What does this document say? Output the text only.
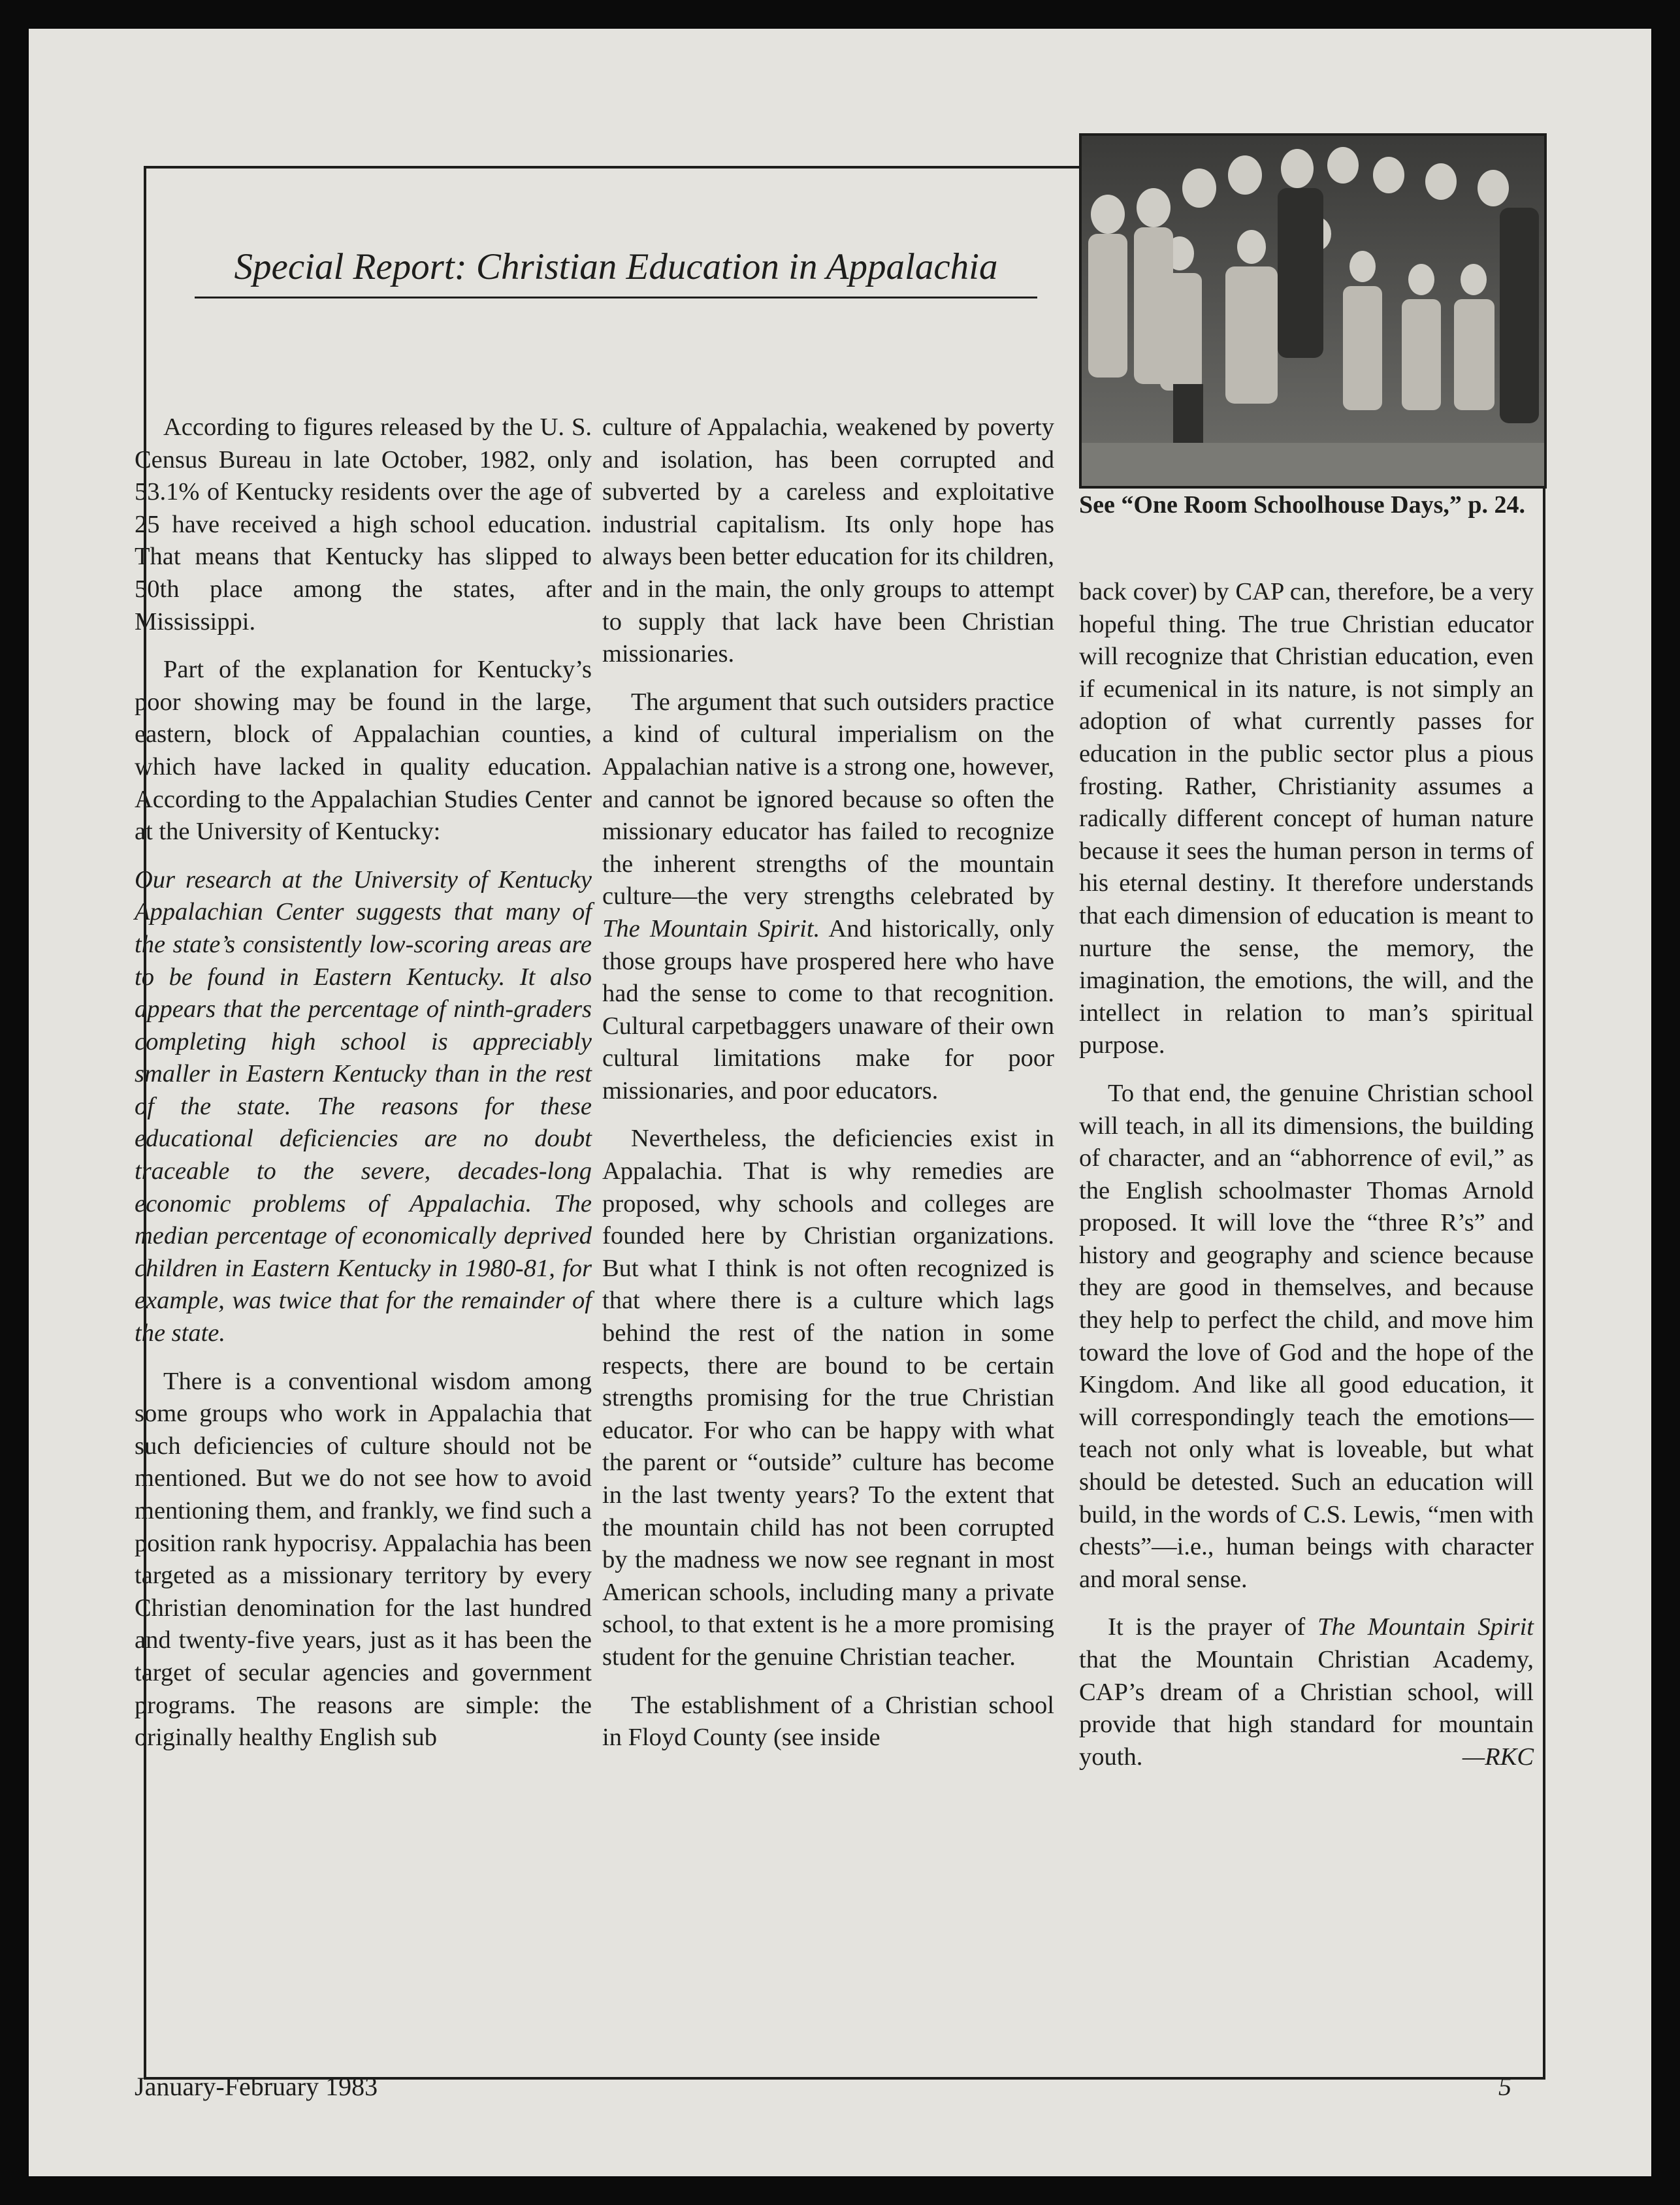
Special Report: Christian Education in Appalachia

According to figures released by the U. S. Census Bureau in late October, 1982, only 53.1% of Kentucky residents over the age of 25 have received a high school education. That means that Kentucky has slipped to 50th place among the states, after Mississippi.

Part of the explanation for Kentucky’s poor showing may be found in the large, eastern, block of Appalachian counties, which have lacked in quality education. According to the Appalachian Studies Center at the University of Kentucky:

Our research at the University of Kentucky Appalachian Center suggests that many of the state’s consistently low-scoring areas are to be found in Eastern Kentucky. It also appears that the percentage of ninth-graders completing high school is appreciably smaller in Eastern Kentucky than in the rest of the state. The reasons for these educational deficiencies are no doubt traceable to the severe, decades-long economic problems of Appalachia. The median percentage of economically deprived children in Eastern Kentucky in 1980-81, for example, was twice that for the remainder of the state.

There is a conventional wisdom among some groups who work in Appalachia that such deficiencies of culture should not be mentioned. But we do not see how to avoid mentioning them, and frankly, we find such a position rank hypocrisy. Appalachia has been targeted as a missionary territory by every Christian denomination for the last hundred and twenty-five years, just as it has been the target of secular agencies and government programs. The reasons are simple: the originally healthy English sub

culture of Appalachia, weakened by poverty and isolation, has been corrupted and subverted by a careless and exploitative industrial capitalism. Its only hope has always been better education for its children, and in the main, the only groups to attempt to supply that lack have been Christian missionaries.

The argument that such outsiders practice a kind of cultural imperialism on the Appalachian native is a strong one, however, and cannot be ignored because so often the missionary educator has failed to recognize the inherent strengths of the mountain culture—the very strengths celebrated by The Mountain Spirit. And historically, only those groups have prospered here who have had the sense to come to that recognition. Cultural carpetbaggers unaware of their own cultural limitations make for poor missionaries, and poor educators.

Nevertheless, the deficiencies exist in Appalachia. That is why remedies are proposed, why schools and colleges are founded here by Christian organizations. But what I think is not often recognized is that where there is a culture which lags behind the rest of the nation in some respects, there are bound to be certain strengths promising for the true Christian educator. For who can be happy with what the parent or “outside” culture has become in the last twenty years? To the extent that the mountain child has not been corrupted by the madness we now see regnant in most American schools, including many a private school, to that extent is he a more promising student for the genuine Christian teacher.

The establishment of a Christian school in Floyd County (see inside

See “One Room Schoolhouse Days,” p. 24.

back cover) by CAP can, therefore, be a very hopeful thing. The true Christian educator will recognize that Christian education, even if ecumenical in its nature, is not simply an adoption of what currently passes for education in the public sector plus a pious frosting. Rather, Christianity assumes a radically different concept of human nature because it sees the human person in terms of his eternal destiny. It therefore understands that each dimension of education is meant to nurture the sense, the memory, the imagination, the emotions, the will, and the intellect in relation to man’s spiritual purpose.

To that end, the genuine Christian school will teach, in all its dimensions, the building of character, and an “abhorrence of evil,” as the English schoolmaster Thomas Arnold proposed. It will love the “three R’s” and history and geography and science because they are good in themselves, and because they help to perfect the child, and move him toward the love of God and the hope of the Kingdom. And like all good education, it will correspondingly teach the emotions—teach not only what is loveable, but what should be detested. Such an education will build, in the words of C.S. Lewis, “men with chests”—i.e., human beings with character and moral sense.

It is the prayer of The Mountain Spirit that the Mountain Christian Academy, CAP’s dream of a Christian school, will provide that high standard for mountain youth.	—RKC

January-February 1983	5
